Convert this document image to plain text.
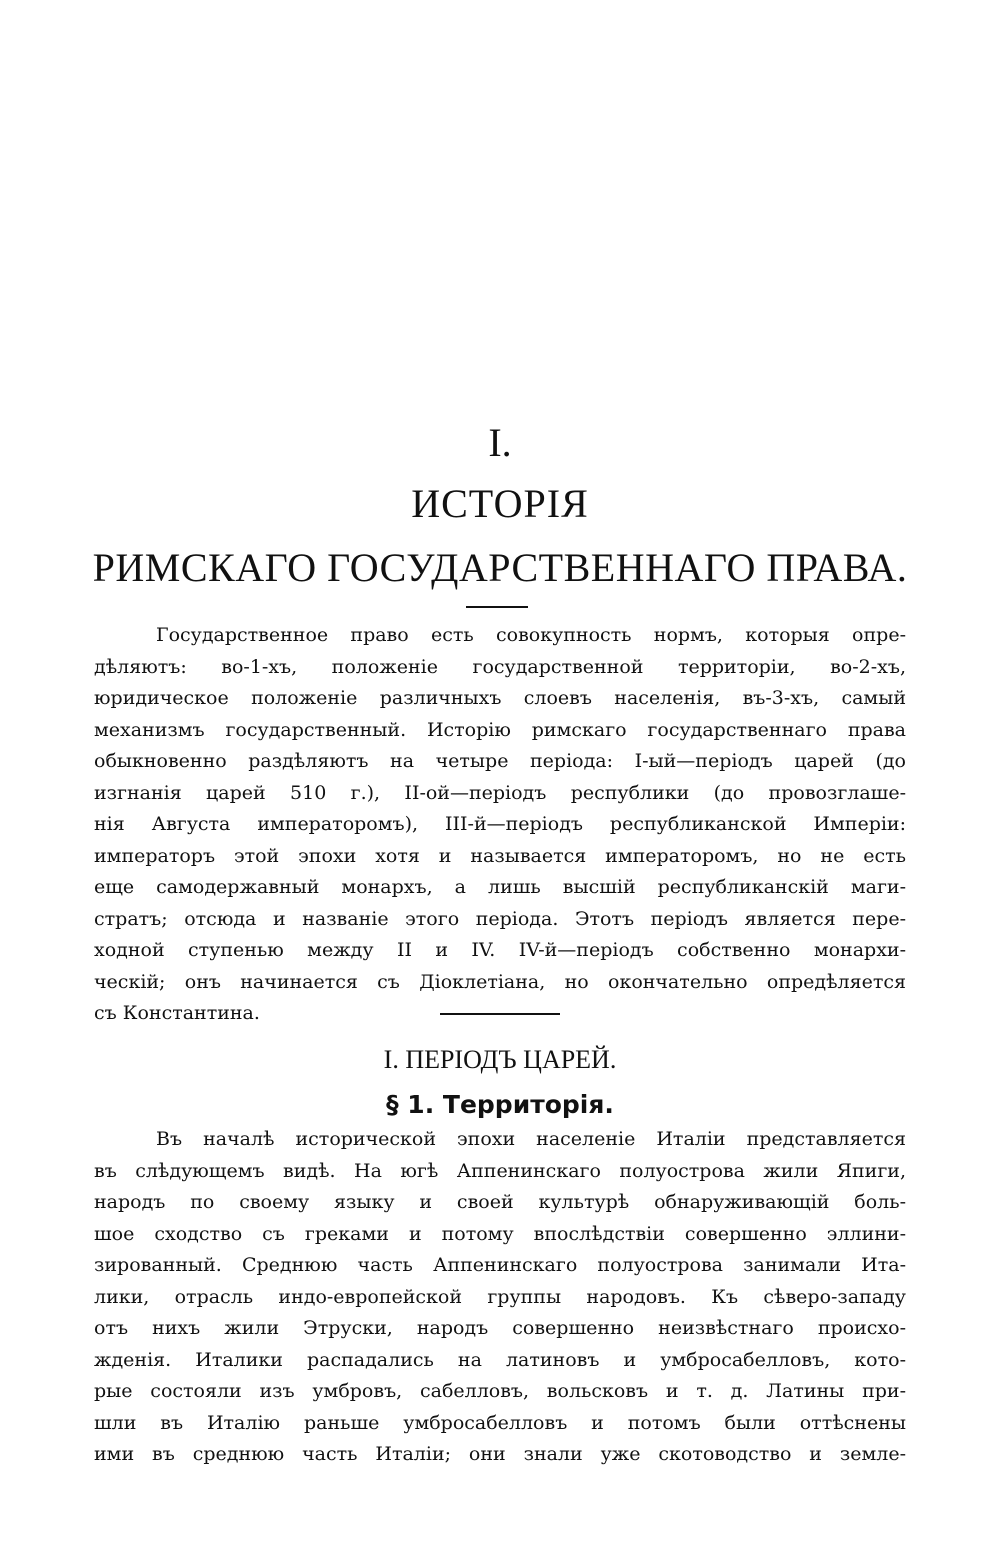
I.
ИСТОРІЯ
РИМСКАГО ГОСУДАРСТВЕННАГО ПРАВА.
Государственное право есть совокупность нормъ, которыя опре-
дѣляютъ: во-1-хъ, положеніе государственной территоріи, во-2-хъ,
юридическое положеніе различныхъ слоевъ населенія, въ-3-хъ, самый
механизмъ государственный. Исторію римскаго государственнаго права
обыкновенно раздѣляютъ на четыре періода: I-ый—періодъ царей (до
изгнанія царей 510 г.), II-ой—періодъ республики (до провозглаше-
нія Августа императоромъ), III-й—періодъ республиканской Имперіи:
императоръ этой эпохи хотя и называется императоромъ, но не есть
еще самодержавный монархъ, а лишь высшій республиканскій маги-
стратъ; отсюда и названіе этого періода. Этотъ періодъ является пере-
ходной ступенью между II и IV. IV-й—періодъ собственно монархи-
ческій; онъ начинается съ Діоклетіана, но окончательно опредѣляется
съ Константина.
I. ПЕРІОДЪ ЦАРЕЙ.
§ 1. Территорія.
Въ началѣ исторической эпохи населеніе Италіи представляется
въ слѣдующемъ видѣ. На югѣ Аппенинскаго полуострова жили Япиги,
народъ по своему языку и своей культурѣ обнаруживающій боль-
шое сходство съ греками и потому впослѣдствіи совершенно эллини-
зированный. Среднюю часть Аппенинскаго полуострова занимали Ита-
лики, отрасль индо-европейской группы народовъ. Къ сѣверо-западу
отъ нихъ жили Этруски, народъ совершенно неизвѣстнаго происхо-
жденія. Италики распадались на латиновъ и умбросабелловъ, кото-
рые состояли изъ умбровъ, сабелловъ, вольсковъ и т. д. Латины при-
шли въ Италію раньше умбросабелловъ и потомъ были оттѣснены
ими въ среднюю часть Италіи; они знали уже скотоводство и земле-
